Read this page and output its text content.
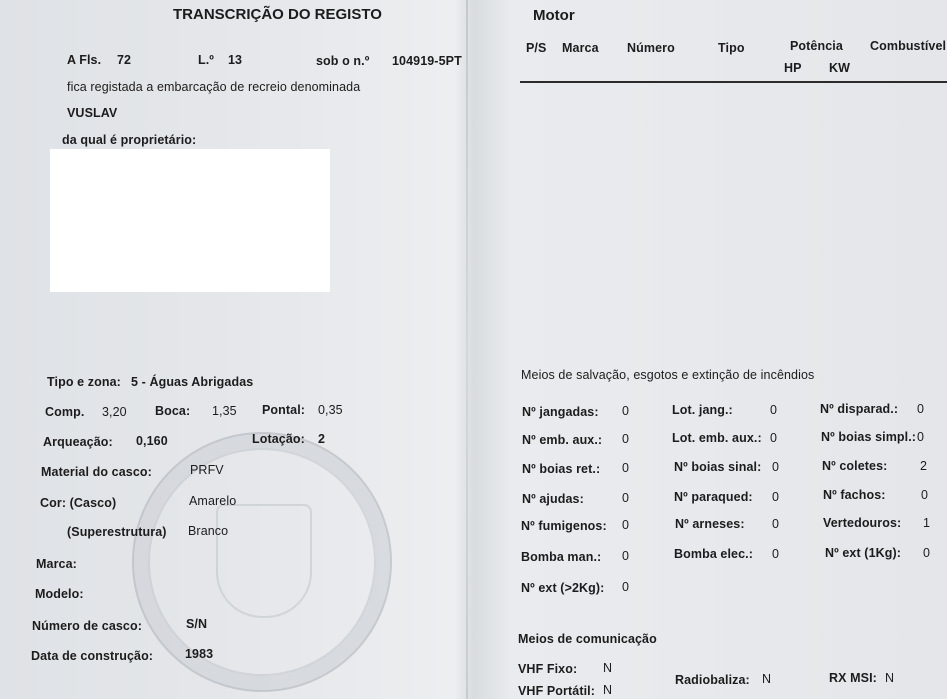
TRANSCRIÇÃO DO REGISTO
A Fls. 72	L.º 13	sob o n.º 104919-5PT
fica registada a embarcação de recreio denominada
VUSLAV
da qual é proprietário:
Tipo e zona: 5 - Águas Abrigadas
Comp. 3,20 Boca: 1,35 Pontal: 0,35
Arqueação: 0,160	Lotação: 2
Material do casco:	PRFV
Cor: (Casco)	Amarelo
(Superestrutura) Branco
Marca:
Modelo:
Número de casco:	S/N
Data de construção:	1983
Motor
P/S Marca Número	Tipo	Potência Combustível
HP KW
Meios de salvação, esgotos e extinção de incêndios
Nº jangadas: 0	Lot. jang.:	0	Nº disparad.: 0
Nº emb. aux.: 0	Lot. emb. aux.: 0	Nº boias simpl.: 0
Nº boias ret.: 0	Nº boias sinal: 0	Nº coletes:	2
Nº ajudas:	0	Nº paraqued: 0	Nº fachos:	0
Nº fumigenos: 0	Nº arneses: 0	Vertedouros: 1
Bomba man.: 0	Bomba elec.: 0	Nº ext (1Kg): 0
Nº ext (>2Kg): 0
Meios de comunicação
VHF Fixo: N
VHF Portátil: N
Radiobaliza: N	RX MSI: N
